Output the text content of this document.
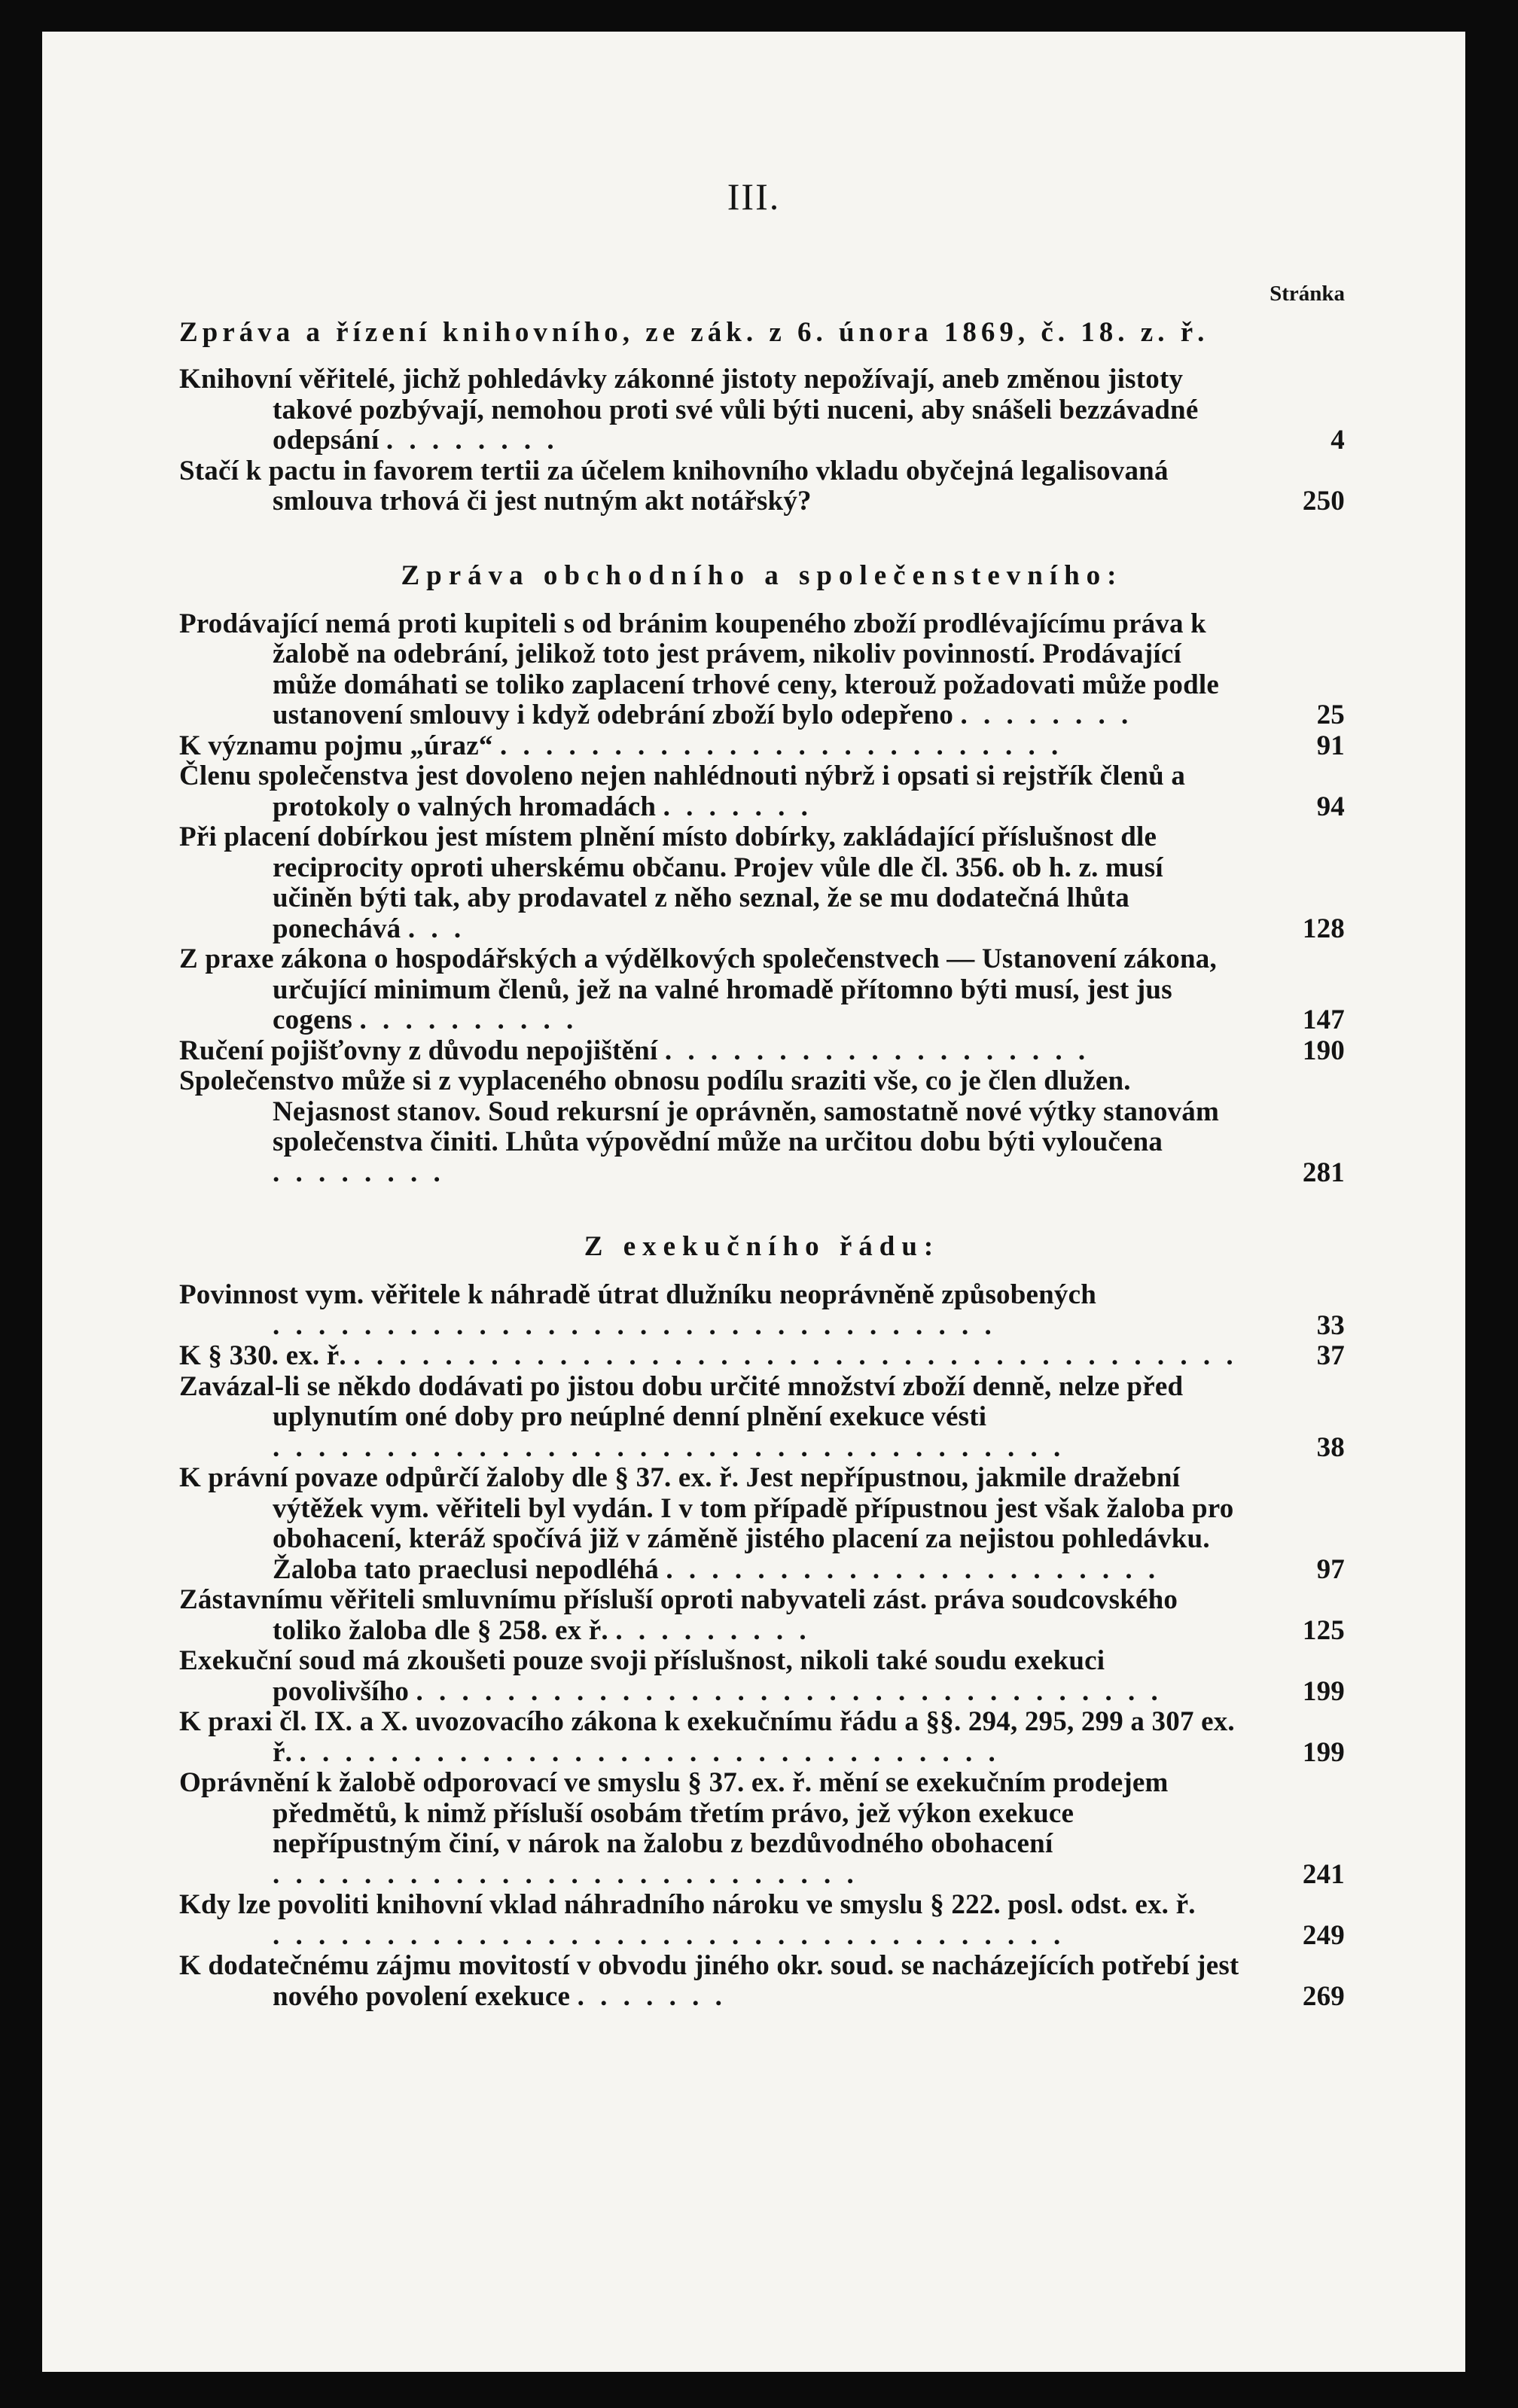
III.
Stránka
Zpráva a řízení knihovního, ze zák. z 6. února 1869, č. 18. z. ř.
Knihovní věřitelé, jichž pohledávky zákonné jistoty nepožívají, aneb změnou jistoty takové pozbývají, nemohou proti své vůli býti nuceni, aby snášeli bezzávadné odepsání . . . . . . . .	4
Stačí k pactu in favorem tertii za účelem knihovního vkladu obyčejná legalisovaná smlouva trhová či jest nutným akt notářský?	250
Zpráva obchodního a společenstevního:
Prodávající nemá proti kupiteli s od bránim koupeného zboží prodlévajícímu práva k žalobě na odebrání, jelikož toto jest právem, nikoliv povinností. Prodávající může domáhati se toliko zaplacení trhové ceny, kterouž požadovati může podle ustanovení smlouvy i když odebrání zboží bylo odepřeno . . . . . . . .	25
K významu pojmu „úraz“ . . . . . . . . . . . . . . . . . . . . . . . . .	91
Členu společenstva jest dovoleno nejen nahlédnouti nýbrž i opsati si rejstřík členů a protokoly o valných hromadách . . . . . . .	94
Při placení dobírkou jest místem plnění místo dobírky, zakládající příslušnost dle reciprocity oproti uherskému občanu. Projev vůle dle čl. 356. ob h. z. musí učiněn býti tak, aby prodavatel z něho seznal, že se mu dodatečná lhůta ponechává . . .	128
Z praxe zákona o hospodářských a výdělkových společenstvech — Ustanovení zákona, určující minimum členů, jež na valné hromadě přítomno býti musí, jest jus cogens . . . . . . . . . .	147
Ručení pojišťovny z důvodu nepojištění . . . . . . . . . . . . . . . . . . .	190
Společenstvo může si z vyplaceného obnosu podílu sraziti vše, co je člen dlužen. Nejasnost stanov. Soud rekursní je oprávněn, samostatně nové výtky stanovám společenstva činiti. Lhůta výpovědní může na určitou dobu býti vyloučena . . . . . . . .	281
Z exekučního řádu:
Povinnost vym. věřitele k náhradě útrat dlužníku neoprávněně způsobených . . . . . . . . . . . . . . . . . . . . . . . . . . . . . . . .	33
K § 330. ex. ř. . . . . . . . . . . . . . . . . . . . . . . . . . . . . . . . . . . . . . . .	37
Zavázal-li se někdo dodávati po jistou dobu určité množství zboží denně, nelze před uplynutím oné doby pro neúplné denní plnění exekuce vésti . . . . . . . . . . . . . . . . . . . . . . . . . . . . . . . . . . .	38
K právní povaze odpůrčí žaloby dle § 37. ex. ř. Jest nepřípustnou, jakmile dražební výtěžek vym. věřiteli byl vydán. I v tom případě přípustnou jest však žaloba pro obohacení, kteráž spočívá již v záměně jistého placení za nejistou pohledávku. Žaloba tato praeclusi nepodléhá . . . . . . . . . . . . . . . . . . . . . .	97
Zástavnímu věřiteli smluvnímu přísluší oproti nabyvateli zást. práva soudcovského toliko žaloba dle § 258. ex ř. . . . . . . . . .	125
Exekuční soud má zkoušeti pouze svoji příslušnost, nikoli také soudu exekuci povolivšího . . . . . . . . . . . . . . . . . . . . . . . . . . . . . . . . .	199
K praxi čl. IX. a X. uvozovacího zákona k exekučnímu řádu a §§. 294, 295, 299 a 307 ex. ř. . . . . . . . . . . . . . . . . . . . . . . . . . . . . . . .	199
Oprávnění k žalobě odporovací ve smyslu § 37. ex. ř. mění se exekučním prodejem předmětů, k nimž přísluší osobám třetím právo, jež výkon exekuce nepřípustným činí, v nárok na žalobu z bezdůvodného obohacení . . . . . . . . . . . . . . . . . . . . . . . . . .	241
Kdy lze povoliti knihovní vklad náhradního nároku ve smyslu § 222. posl. odst. ex. ř. . . . . . . . . . . . . . . . . . . . . . . . . . . . . . . . . . . .	249
K dodatečnému zájmu movitostí v obvodu jiného okr. soud. se nacházejících potřebí jest nového povolení exekuce . . . . . . .	269
